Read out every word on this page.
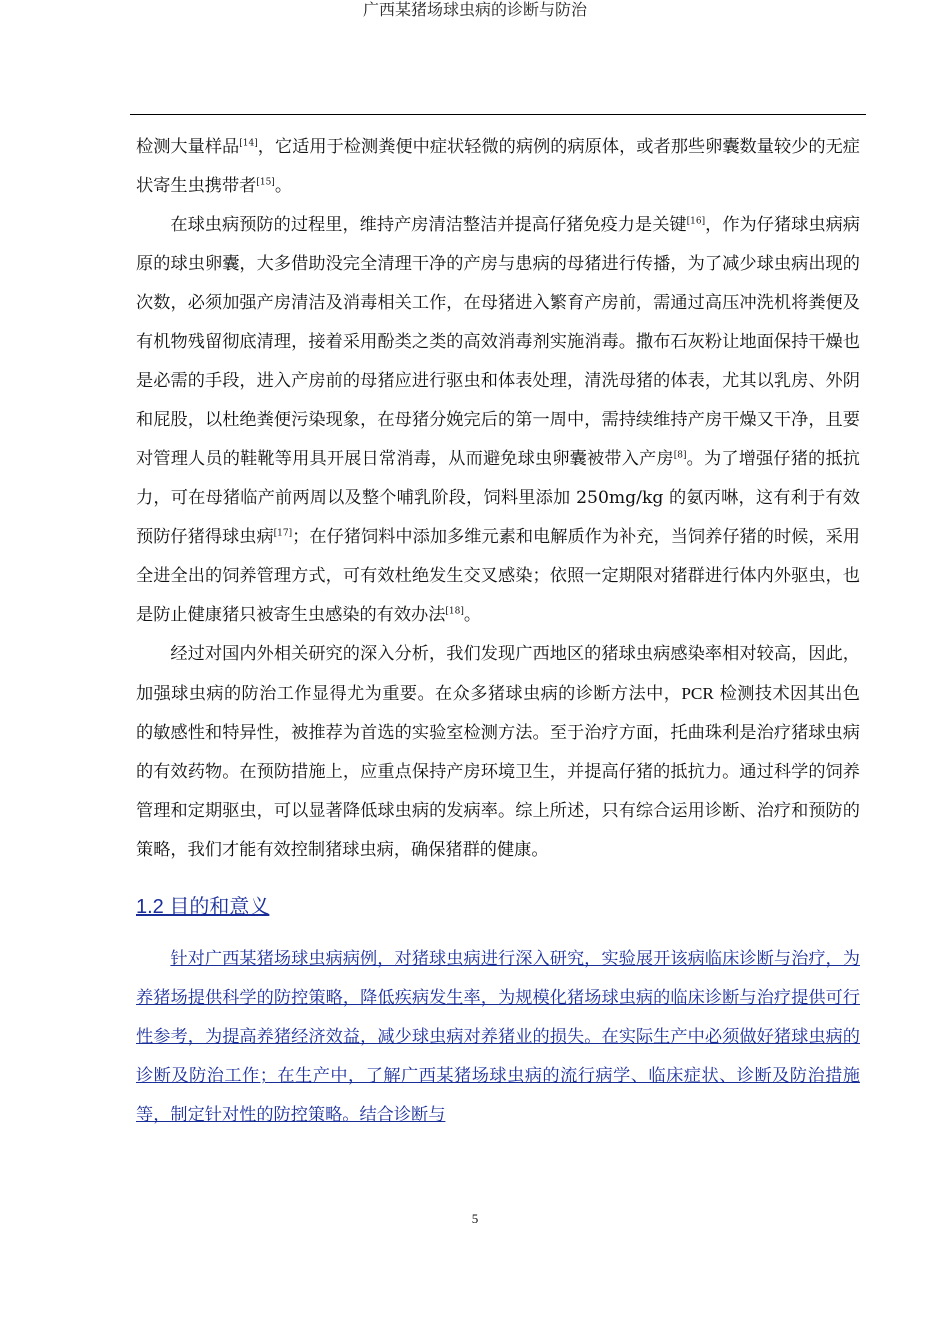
广西某猪场球虫病的诊断与防治

检测大量样品[14]，它适用于检测粪便中症状轻微的病例的病原体，或者那些卵囊数量较少的无症状寄生虫携带者[15]。

在球虫病预防的过程里，维持产房清洁整洁并提高仔猪免疫力是关键[16]，作为仔猪球虫病病原的球虫卵囊，大多借助没完全清理干净的产房与患病的母猪进行传播，为了减少球虫病出现的次数，必须加强产房清洁及消毒相关工作，在母猪进入繁育产房前，需通过高压冲洗机将粪便及有机物残留彻底清理，接着采用酚类之类的高效消毒剂实施消毒。撒布石灰粉让地面保持干燥也是必需的手段，进入产房前的母猪应进行驱虫和体表处理，清洗母猪的体表，尤其以乳房、外阴和屁股，以杜绝粪便污染现象，在母猪分娩完后的第一周中，需持续维持产房干燥又干净，且要对管理人员的鞋靴等用具开展日常消毒，从而避免球虫卵囊被带入产房[8]。为了增强仔猪的抵抗力，可在母猪临产前两周以及整个哺乳阶段，饲料里添加 250mg/kg 的氨丙啉，这有利于有效预防仔猪得球虫病[17]；在仔猪饲料中添加多维元素和电解质作为补充，当饲养仔猪的时候，采用全进全出的饲养管理方式，可有效杜绝发生交叉感染；依照一定期限对猪群进行体内外驱虫，也是防止健康猪只被寄生虫感染的有效办法[18]。

经过对国内外相关研究的深入分析，我们发现广西地区的猪球虫病感染率相对较高，因此，加强球虫病的防治工作显得尤为重要。在众多猪球虫病的诊断方法中，PCR 检测技术因其出色的敏感性和特异性，被推荐为首选的实验室检测方法。至于治疗方面，托曲珠利是治疗猪球虫病的有效药物。在预防措施上，应重点保持产房环境卫生，并提高仔猪的抵抗力。通过科学的饲养管理和定期驱虫，可以显著降低球虫病的发病率。综上所述，只有综合运用诊断、治疗和预防的策略，我们才能有效控制猪球虫病，确保猪群的健康。

1.2 目的和意义

针对广西某猪场球虫病病例，对猪球虫病进行深入研究，实验展开该病临床诊断与治疗，为养猪场提供科学的防控策略，降低疾病发生率，为规模化猪场球虫病的临床诊断与治疗提供可行性参考，为提高养猪经济效益，减少球虫病对养猪业的损失。在实际生产中必须做好猪球虫病的诊断及防治工作；在生产中，了解广西某猪场球虫病的流行病学、临床症状、诊断及防治措施等，制定针对性的防控策略。结合诊断与

5
